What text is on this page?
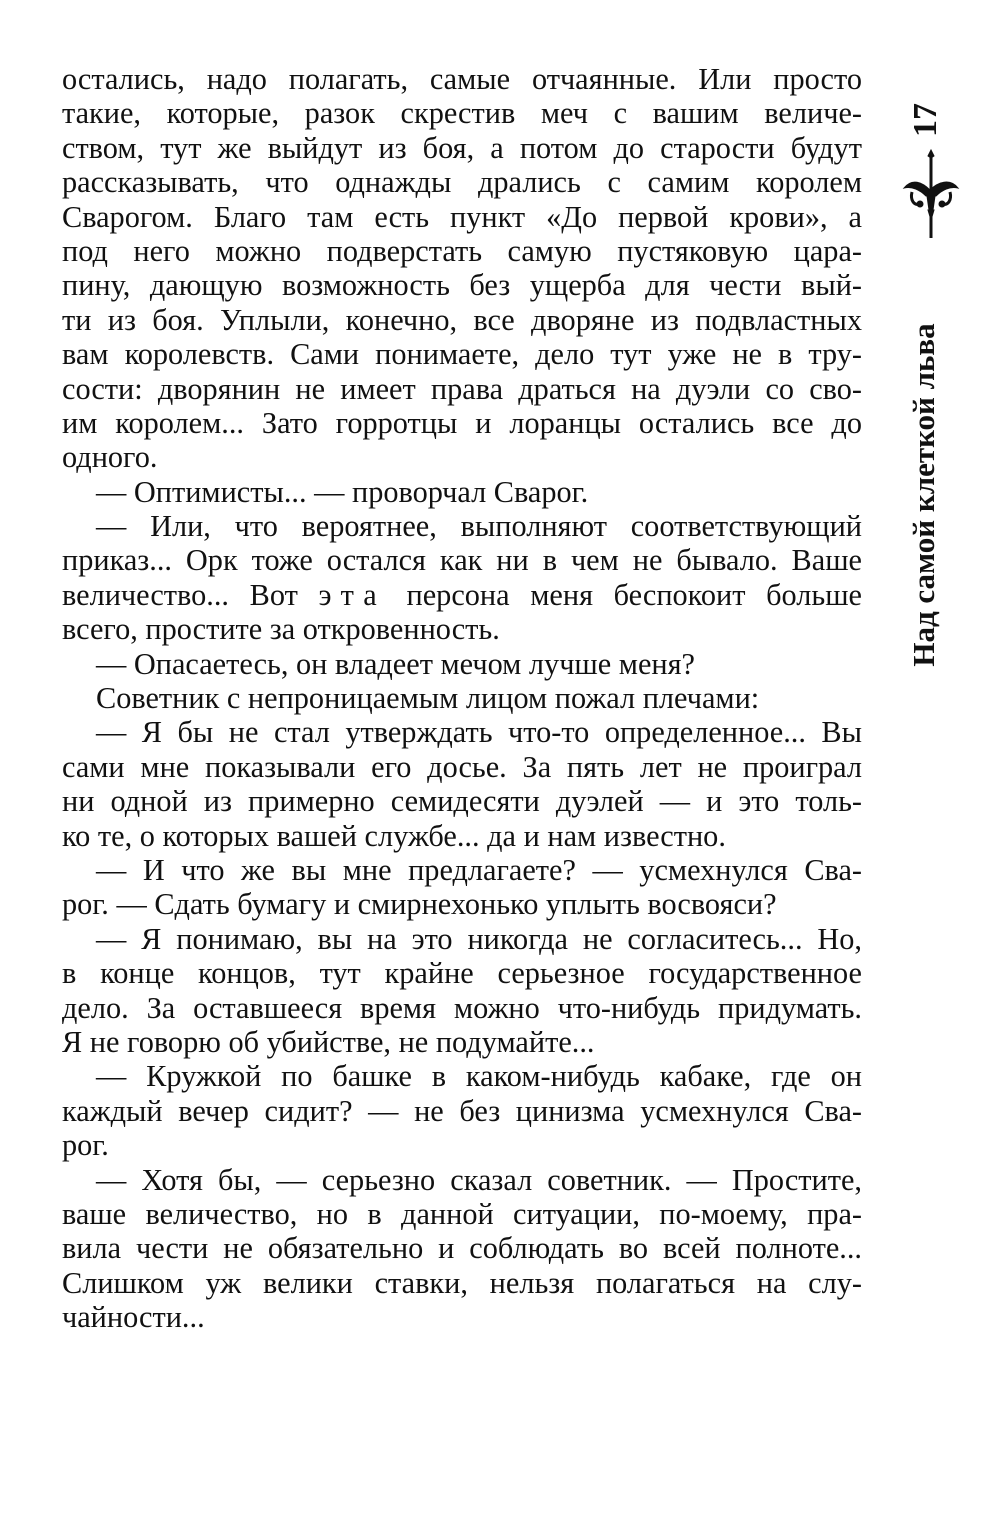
остались, надо полагать, самые отчаянные. Или просто
такие, которые, разок скрестив меч с вашим величе-
ством, тут же выйдут из боя, а потом до старости будут
рассказывать, что однажды дрались с самим королем
Сварогом. Благо там есть пункт «До первой крови», а
под него можно подверстать самую пустяковую цара-
пину, дающую возможность без ущерба для чести вый-
ти из боя. Уплыли, конечно, все дворяне из подвластных
вам королевств. Сами понимаете, дело тут уже не в тру-
сости: дворянин не имеет права драться на дуэли со сво-
им королем... Зато горротцы и лоранцы остались все до
одного.
— Оптимисты... — проворчал Сварог.
— Или, что вероятнее, выполняют соответствующий
приказ... Орк тоже остался как ни в чем не бывало. Ваше
величество... Вот эта персона меня беспокоит больше
всего, простите за откровенность.
— Опасаетесь, он владеет мечом лучше меня?
Советник с непроницаемым лицом пожал плечами:
— Я бы не стал утверждать что-то определенное... Вы
сами мне показывали его досье. За пять лет не проиграл
ни одной из примерно семидесяти дуэлей — и это толь-
ко те, о которых вашей службе... да и нам известно.
— И что же вы мне предлагаете? — усмехнулся Сва-
рог. — Сдать бумагу и смирнехонько уплыть восвояси?
— Я понимаю, вы на это никогда не согласитесь... Но,
в конце концов, тут крайне серьезное государственное
дело. За оставшееся время можно что-нибудь придумать.
Я не говорю об убийстве, не подумайте...
— Кружкой по башке в каком-нибудь кабаке, где он
каждый вечер сидит? — не без цинизма усмехнулся Сва-
рог.
— Хотя бы, — серьезно сказал советник. — Простите,
ваше величество, но в данной ситуации, по-моему, пра-
вила чести не обязательно и соблюдать во всей полноте...
Слишком уж велики ставки, нельзя полагаться на слу-
чайности...
17
Над самой клеткой льва
